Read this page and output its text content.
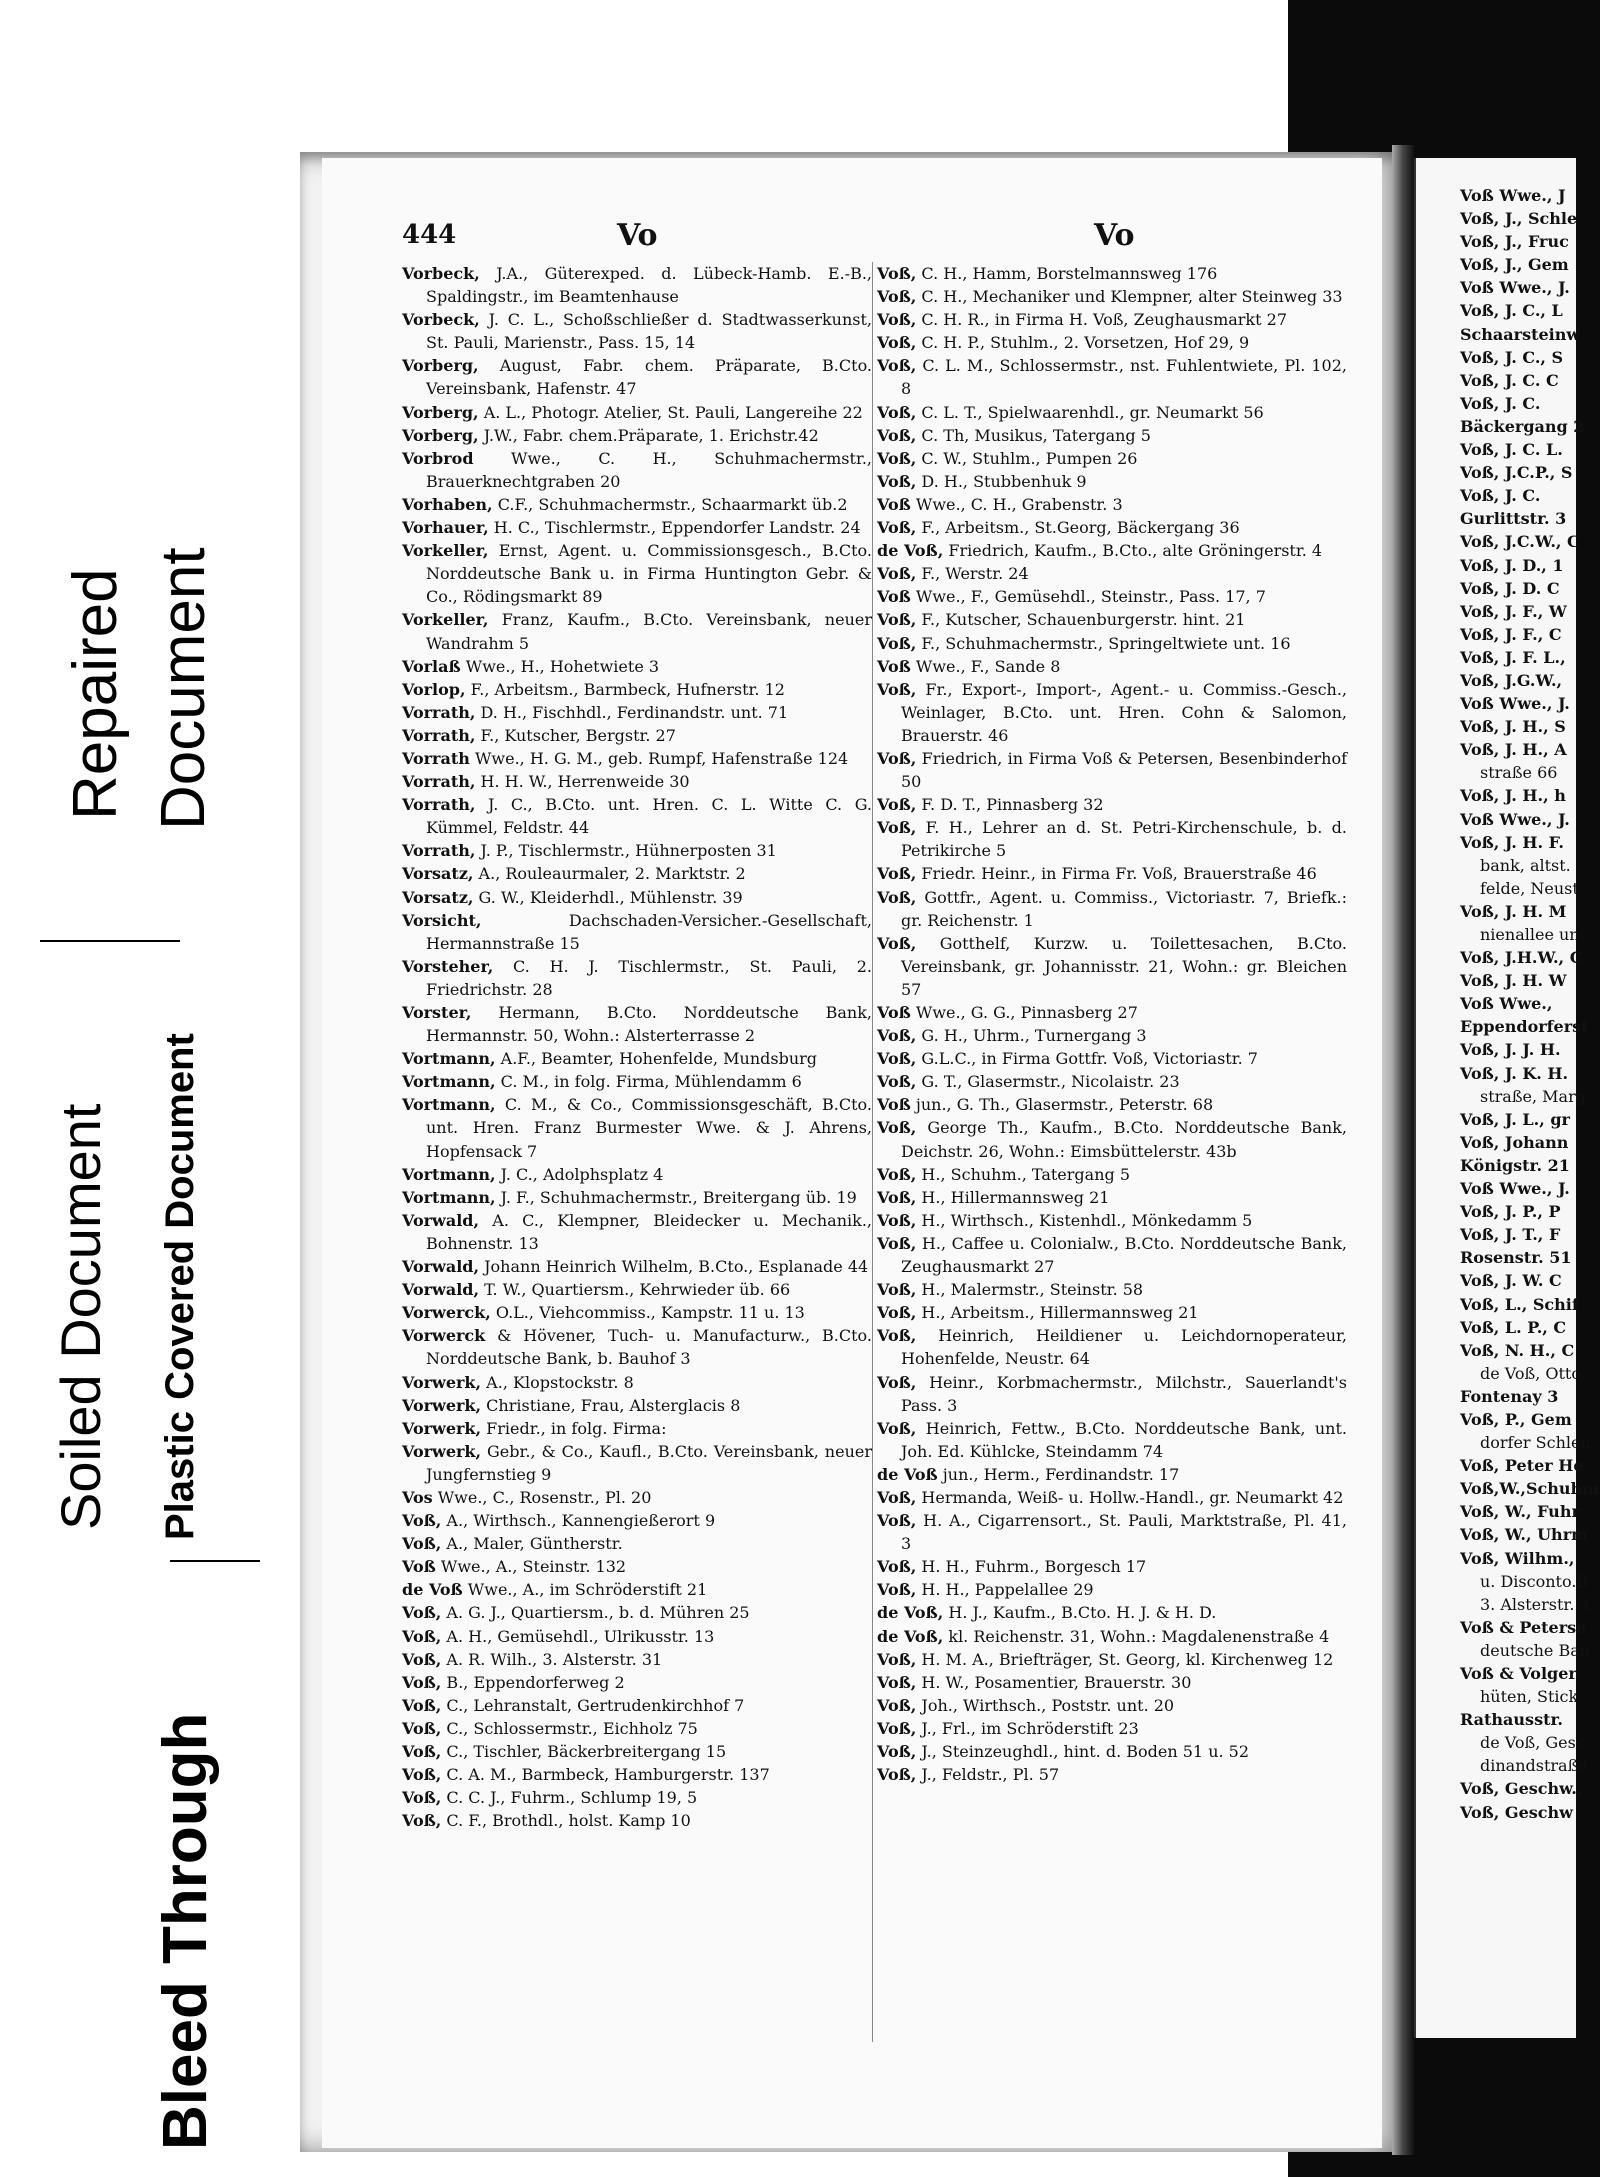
Repaired Document
Soiled Document Plastic Covered Document
Bleed Through
Voß Wwe., J
Voß, J., Schle
Voß, J., Fruc
Voß, J., Gem
Voß Wwe., J.
Voß, J. C., L
Schaarsteinw
Voß, J. C., S
Voß, J. C. C
Voß, J. C.
Bäckergang 2
Voß, J. C. L.
Voß, J.C.P., S
Voß, J. C.
Gurlittstr. 3
Voß, J.C.W., C
Voß, J. D., 1
Voß, J. D. C
Voß, J. F., W
Voß, J. F., C
Voß, J. F. L.,
Voß, J.G.W.,
Voß Wwe., J.
Voß, J. H., S
Voß, J. H., A
straße 66
Voß, J. H., h
Voß Wwe., J.
Voß, J. H. F.
bank, altst.
felde, Neust
Voß, J. H. M
nienallee unt
Voß, J.H.W., C
Voß, J. H. W
Voß Wwe.,
Eppendorferst
Voß, J. J. H.
Voß, J. K. H.
straße, Marg
Voß, J. L., gr
Voß, Johann
Königstr. 21
Voß Wwe., J.
Voß, J. P., P
Voß, J. T., F
Rosenstr. 51
Voß, J. W. C
Voß, L., Schif
Voß, L. P., C
Voß, N. H., C
de Voß, Otto,
Fontenay 3
Voß, P., Gem
dorfer Schleu
Voß, Peter He
Voß,W.,Schuhm
Voß, W., Fuhr
Voß, W., Uhrm
Voß, Wilhm.,
u. Disconto.B
3. Alsterstr. 3
Voß & Peterse
deutsche Ban
Voß & Volger
hüten, Stick
Rathausstr.
de Voß, Gesc
dinandstraße
Voß, Geschw.,
Voß, Geschw
444	Vo	Vo

Vorbeck, J.A., Güterexped. d. Lübeck-Hamb. E.-B., Spaldingstr., im Beamtenhause

Vorbeck, J. C. L., Schoßschließer d. Stadtwasserkunst, St. Pauli, Marienstr., Pass. 15, 14

Vorberg, August, Fabr. chem. Präparate, B.Cto. Vereinsbank, Hafenstr. 47

Vorberg, A. L., Photogr. Atelier, St. Pauli, Langereihe 22

Vorberg, J.W., Fabr. chem.Präparate, 1. Erichstr.42

Vorbrod Wwe., C. H., Schuhmachermstr., Brauerknechtgraben 20

Vorhaben, C.F., Schuhmachermstr., Schaarmarkt üb.2

Vorhauer, H. C., Tischlermstr., Eppendorfer Landstr. 24

Vorkeller, Ernst, Agent. u. Commissionsgesch., B.Cto. Norddeutsche Bank u. in Firma Huntington Gebr. & Co., Rödingsmarkt 89

Vorkeller, Franz, Kaufm., B.Cto. Vereinsbank, neuer Wandrahm 5

Vorlaß Wwe., H., Hohetwiete 3

Vorlop, F., Arbeitsm., Barmbeck, Hufnerstr. 12

Vorrath, D. H., Fischhdl., Ferdinandstr. unt. 71

Vorrath, F., Kutscher, Bergstr. 27

Vorrath Wwe., H. G. M., geb. Rumpf, Hafenstraße 124

Vorrath, H. H. W., Herrenweide 30

Vorrath, J. C., B.Cto. unt. Hren. C. L. Witte C. G. Kümmel, Feldstr. 44

Vorrath, J. P., Tischlermstr., Hühnerposten 31

Vorsatz, A., Rouleaurmaler, 2. Marktstr. 2

Vorsatz, G. W., Kleiderhdl., Mühlenstr. 39

Vorsicht, Dachschaden-Versicher.-Gesellschaft, Hermannstraße 15

Vorsteher, C. H. J. Tischlermstr., St. Pauli, 2. Friedrichstr. 28

Vorster, Hermann, B.Cto. Norddeutsche Bank, Hermannstr. 50, Wohn.: Alsterterrasse 2

Vortmann, A.F., Beamter, Hohenfelde, Mundsburg

Vortmann, C. M., in folg. Firma, Mühlendamm 6

Vortmann, C. M., & Co., Commissionsgeschäft, B.Cto. unt. Hren. Franz Burmester Wwe. & J. Ahrens, Hopfensack 7

Vortmann, J. C., Adolphsplatz 4

Vortmann, J. F., Schuhmachermstr., Breitergang üb. 19

Vorwald, A. C., Klempner, Bleidecker u. Mechanik., Bohnenstr. 13

Vorwald, Johann Heinrich Wilhelm, B.Cto., Esplanade 44

Vorwald, T. W., Quartiersm., Kehrwieder üb. 66

Vorwerck, O.L., Viehcommiss., Kampstr. 11 u. 13

Vorwerck & Hövener, Tuch- u. Manufacturw., B.Cto. Norddeutsche Bank, b. Bauhof 3

Vorwerk, A., Klopstockstr. 8

Vorwerk, Christiane, Frau, Alsterglacis 8

Vorwerk, Friedr., in folg. Firma:

Vorwerk, Gebr., & Co., Kaufl., B.Cto. Vereinsbank, neuer Jungfernstieg 9

Vos Wwe., C., Rosenstr., Pl. 20

Voß, A., Wirthsch., Kannengießerort 9

Voß, A., Maler, Güntherstr.

Voß Wwe., A., Steinstr. 132

de Voß Wwe., A., im Schröderstift 21

Voß, A. G. J., Quartiersm., b. d. Mühren 25

Voß, A. H., Gemüsehdl., Ulrikusstr. 13

Voß, A. R. Wilh., 3. Alsterstr. 31

Voß, B., Eppendorferweg 2

Voß, C., Lehranstalt, Gertrudenkirchhof 7

Voß, C., Schlossermstr., Eichholz 75

Voß, C., Tischler, Bäckerbreitergang 15

Voß, C. A. M., Barmbeck, Hamburgerstr. 137

Voß, C. C. J., Fuhrm., Schlump 19, 5

Voß, C. F., Brothdl., holst. Kamp 10

Voß, C. H., Hamm, Borstelmannsweg 176

Voß, C. H., Mechaniker und Klempner, alter Steinweg 33

Voß, C. H. R., in Firma H. Voß, Zeughausmarkt 27

Voß, C. H. P., Stuhlm., 2. Vorsetzen, Hof 29, 9

Voß, C. L. M., Schlossermstr., nst. Fuhlentwiete, Pl. 102, 8

Voß, C. L. T., Spielwaarenhdl., gr. Neumarkt 56

Voß, C. Th, Musikus, Tatergang 5

Voß, C. W., Stuhlm., Pumpen 26

Voß, D. H., Stubbenhuk 9

Voß Wwe., C. H., Grabenstr. 3

Voß, F., Arbeitsm., St.Georg, Bäckergang 36

de Voß, Friedrich, Kaufm., B.Cto., alte Gröningerstr. 4

Voß, F., Werstr. 24

Voß Wwe., F., Gemüsehdl., Steinstr., Pass. 17, 7

Voß, F., Kutscher, Schauenburgerstr. hint. 21

Voß, F., Schuhmachermstr., Springeltwiete unt. 16

Voß Wwe., F., Sande 8

Voß, Fr., Export-, Import-, Agent.- u. Commiss.-Gesch., Weinlager, B.Cto. unt. Hren. Cohn & Salomon, Brauerstr. 46

Voß, Friedrich, in Firma Voß & Petersen, Besenbinderhof 50

Voß, F. D. T., Pinnasberg 32

Voß, F. H., Lehrer an d. St. Petri-Kirchenschule, b. d. Petrikirche 5

Voß, Friedr. Heinr., in Firma Fr. Voß, Brauerstraße 46

Voß, Gottfr., Agent. u. Commiss., Victoriastr. 7, Briefk.: gr. Reichenstr. 1

Voß, Gotthelf, Kurzw. u. Toilettesachen, B.Cto. Vereinsbank, gr. Johannisstr. 21, Wohn.: gr. Bleichen 57

Voß Wwe., G. G., Pinnasberg 27

Voß, G. H., Uhrm., Turnergang 3

Voß, G.L.C., in Firma Gottfr. Voß, Victoriastr. 7

Voß, G. T., Glasermstr., Nicolaistr. 23

Voß jun., G. Th., Glasermstr., Peterstr. 68

Voß, George Th., Kaufm., B.Cto. Norddeutsche Bank, Deichstr. 26, Wohn.: Eimsbüttelerstr. 43b

Voß, H., Schuhm., Tatergang 5

Voß, H., Hillermannsweg 21

Voß, H., Wirthsch., Kistenhdl., Mönkedamm 5

Voß, H., Caffee u. Colonialw., B.Cto. Norddeutsche Bank, Zeughausmarkt 27

Voß, H., Malermstr., Steinstr. 58

Voß, H., Arbeitsm., Hillermannsweg 21

Voß, Heinrich, Heildiener u. Leichdornoperateur, Hohenfelde, Neustr. 64

Voß, Heinr., Korbmachermstr., Milchstr., Sauerlandt's Pass. 3

Voß, Heinrich, Fettw., B.Cto. Norddeutsche Bank, unt. Joh. Ed. Kühlcke, Steindamm 74

de Voß jun., Herm., Ferdinandstr. 17

Voß, Hermanda, Weiß- u. Hollw.-Handl., gr. Neumarkt 42

Voß, H. A., Cigarrensort., St. Pauli, Marktstraße, Pl. 41, 3

Voß, H. H., Fuhrm., Borgesch 17

Voß, H. H., Pappelallee 29

de Voß, H. J., Kaufm., B.Cto. H. J. & H. D.

de Voß, kl. Reichenstr. 31, Wohn.: Magdalenenstraße 4

Voß, H. M. A., Briefträger, St. Georg, kl. Kirchenweg 12

Voß, H. W., Posamentier, Brauerstr. 30

Voß, Joh., Wirthsch., Poststr. unt. 20

Voß, J., Frl., im Schröderstift 23

Voß, J., Steinzeughdl., hint. d. Boden 51 u. 52

Voß, J., Feldstr., Pl. 57
